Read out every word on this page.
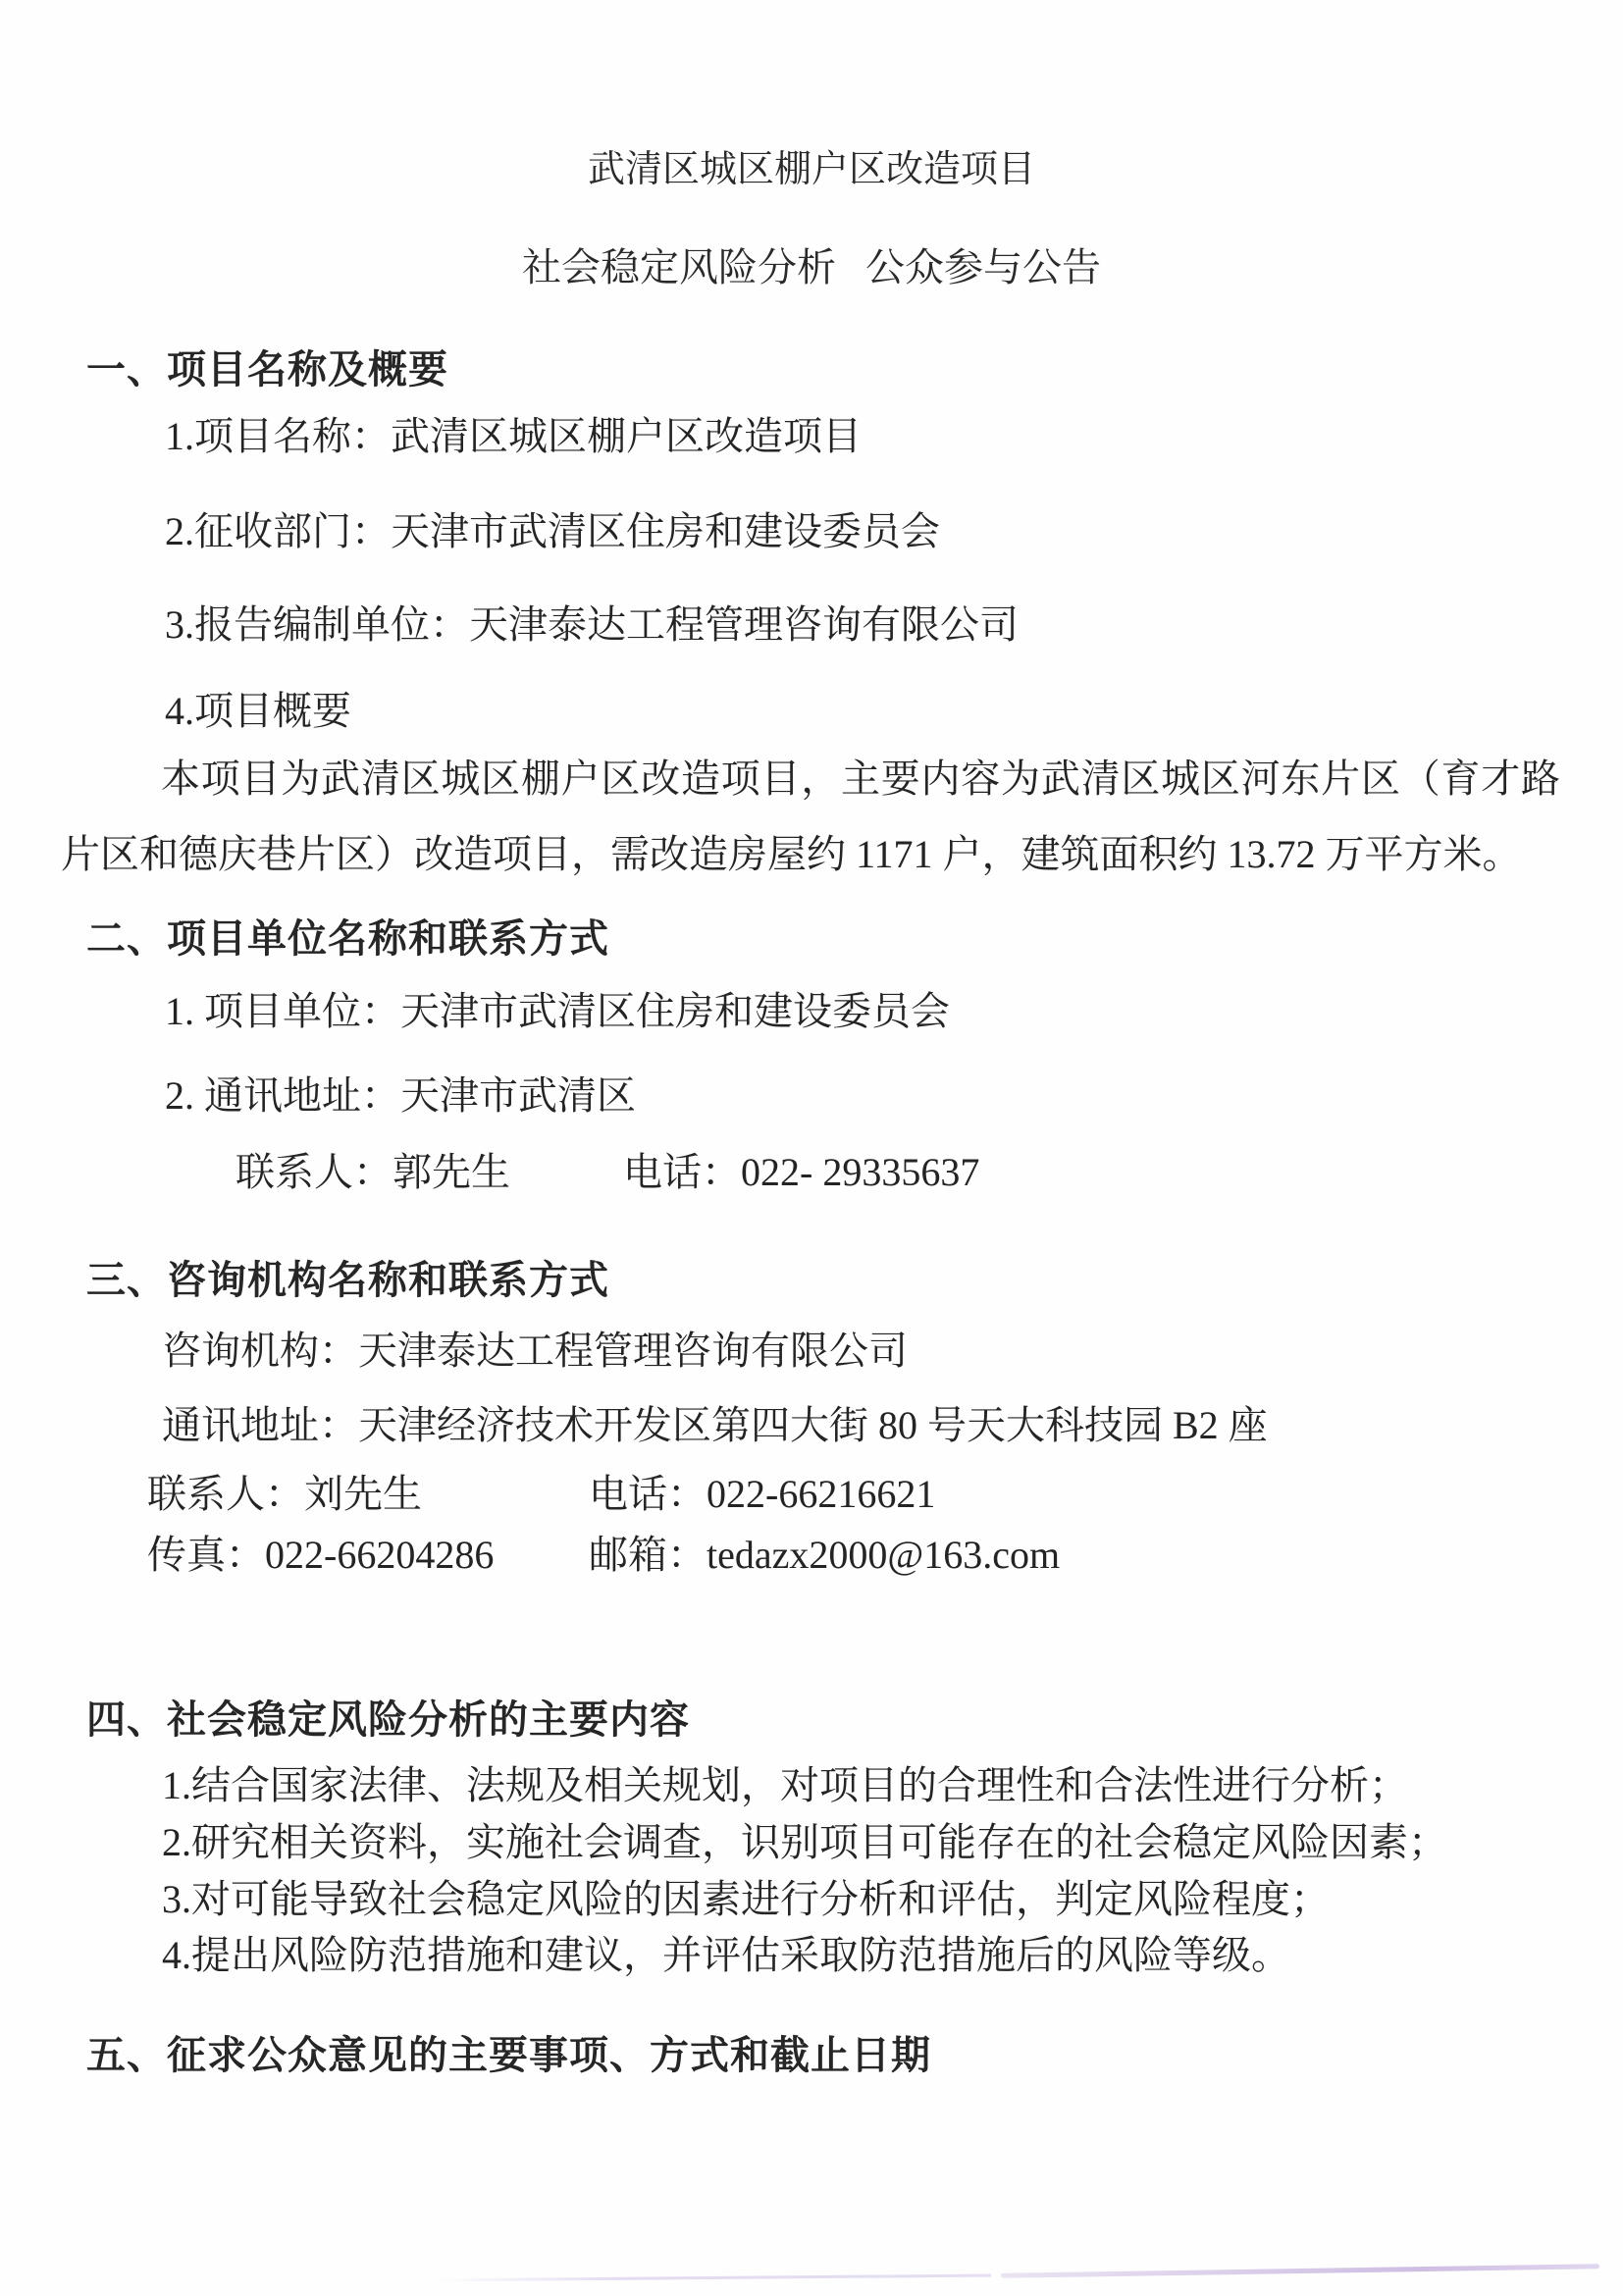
武清区城区棚户区改造项目
社会稳定风险分析 公众参与公告
一、项目名称及概要
1.项目名称：武清区城区棚户区改造项目
2.征收部门：天津市武清区住房和建设委员会
3.报告编制单位：天津泰达工程管理咨询有限公司
4.项目概要
本项目为武清区城区棚户区改造项目，主要内容为武清区城区河东片区（育才路片区和德庆巷片区）改造项目，需改造房屋约 1171 户，建筑面积约 13.72 万平方米。
二、项目单位名称和联系方式
1. 项目单位：天津市武清区住房和建设委员会
2. 通讯地址：天津市武清区
联系人：郭先生	电话：022- 29335637
三、咨询机构名称和联系方式
咨询机构：天津泰达工程管理咨询有限公司
通讯地址：天津经济技术开发区第四大街 80 号天大科技园 B2 座
联系人：刘先生	电话：022-66216621
传真：022-66204286 邮箱：tedazx2000@163.com
四、社会稳定风险分析的主要内容
1.结合国家法律、法规及相关规划，对项目的合理性和合法性进行分析；
2.研究相关资料，实施社会调查，识别项目可能存在的社会稳定风险因素；
3.对可能导致社会稳定风险的因素进行分析和评估，判定风险程度；
4.提出风险防范措施和建议，并评估采取防范措施后的风险等级。
五、征求公众意见的主要事项、方式和截止日期
